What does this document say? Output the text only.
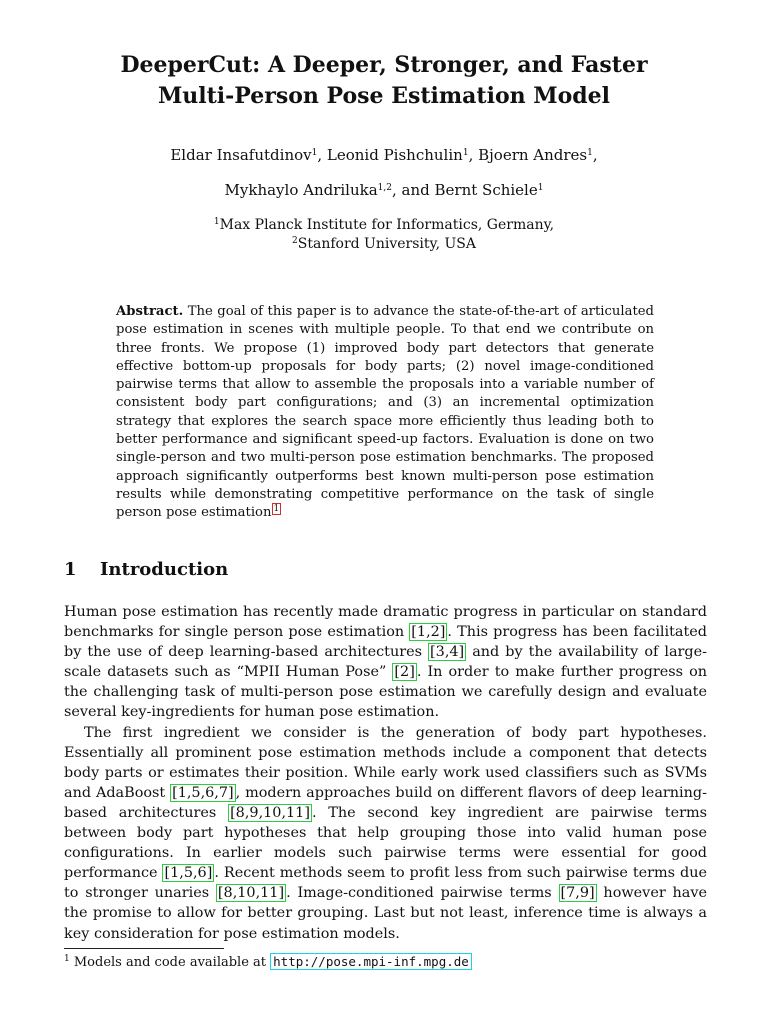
DeeperCut: A Deeper, Stronger, and Faster
Multi-Person Pose Estimation Model
Eldar Insafutdinov$^1$, Leonid Pishchulin$^1$, Bjoern Andres$^1$,
Mykhaylo Andriluka$^{1,2}$, and Bernt Schiele$^1$
$^1$Max Planck Institute for Informatics, Germany,
$^2$Stanford University, USA

Abstract. The goal of this paper is to advance the state-of-the-art of articulated pose estimation in scenes with multiple people. To that end we contribute on three fronts. We propose (1) improved body part detectors that generate effective bottom-up proposals for body parts; (2) novel image-conditioned pairwise terms that allow to assemble the proposals into a variable number of consistent body part configurations; and (3) an incremental optimization strategy that explores the search space more efficiently thus leading both to better performance and significant speed-up factors. Evaluation is done on two single-person and two multi-person pose estimation benchmarks. The proposed approach significantly outperforms best known multi-person pose estimation results while demonstrating competitive performance on the task of single person pose estimation $^1$

1 Introduction

Human pose estimation has recently made dramatic progress in particular on standard benchmarks for single person pose estimation [1,2] . This progress has been facilitated by the use of deep learning-based architectures [3,4] and by the availability of large-scale datasets such as “MPII Human Pose” [2] . In order to make further progress on the challenging task of multi-person pose estimation we carefully design and evaluate several key-ingredients for human pose estimation.

The first ingredient we consider is the generation of body part hypotheses. Essentially all prominent pose estimation methods include a component that detects body parts or estimates their position. While early work used classifiers such as SVMs and AdaBoost [1,5,6,7] , modern approaches build on different flavors of deep learning-based architectures [8,9,10,11] . The second key ingredient are pairwise terms between body part hypotheses that help grouping those into valid human pose configurations. In earlier models such pairwise terms were essential for good performance [1,5,6] . Recent methods seem to profit less from such pairwise terms due to stronger unaries [8,10,11] . Image-conditioned pairwise terms [7,9] however have the promise to allow for better grouping. Last but not least, inference time is always a key consideration for pose estimation models.

$^1$ Models and code available at http://pose.mpi-inf.mpg.de
